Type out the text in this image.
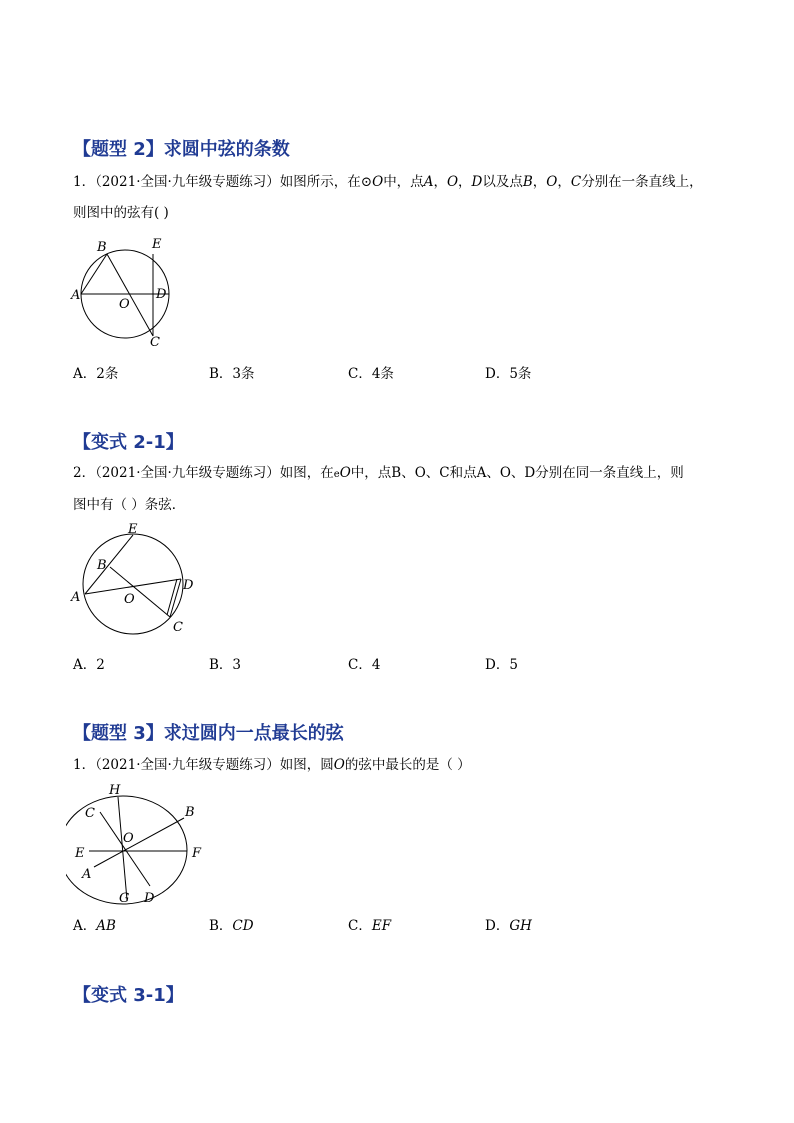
【题型 2】求圆中弦的条数
1．（2021·全国·九年级专题练习）如图所示，在⊙O中，点A，O，D以及点B，O，C分别在一条直线上，
则图中的弦有( )
B	E
A
O
D
C
A．2条	B．3条	C．4条	D．5条
【变式 2-1】
2．（2021·全国·九年级专题练习）如图，在eO中，点B、O、C和点A、O、D分别在同一条直线上，则
图中有（ ）条弦．
E
B
A	O
D
C
A．2	B．3	C．4	D．5
【题型 3】求过圆内一点最长的弦
1．（2021·全国·九年级专题练习）如图，圆O的弦中最长的是（ ）
H
C	B
O
E	F
A
G D
A．AB	B．CD	C．EF	D．GH
【变式 3-1】
